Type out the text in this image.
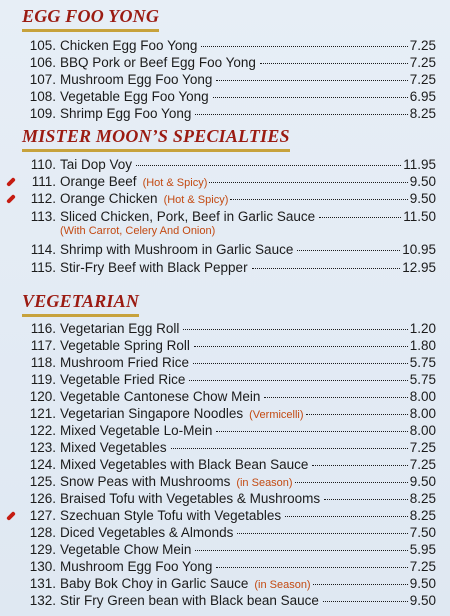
EGG FOO YONG
105. Chicken Egg Foo Yong	7.25
106. BBQ Pork or Beef Egg Foo Yong	7.25
107. Mushroom Egg Foo Yong	7.25
108. Vegetable Egg Foo Yong	6.95
109. Shrimp Egg Foo Yong	8.25
MISTER MOON’S SPECIALTIES
110. Tai Dop Voy	11.95
111. Orange Beef (Hot & Spicy)	9.50
112. Orange Chicken (Hot & Spicy)	9.50
113. Sliced Chicken, Pork, Beef in Garlic Sauce	11.50
(With Carrot, Celery And Onion)
114. Shrimp with Mushroom in Garlic Sauce	10.95
115. Stir-Fry Beef with Black Pepper	12.95
VEGETARIAN
116. Vegetarian Egg Roll	1.20
117. Vegetable Spring Roll	1.80
118. Mushroom Fried Rice	5.75
119. Vegetable Fried Rice	5.75
120. Vegetable Cantonese Chow Mein	8.00
121. Vegetarian Singapore Noodles (Vermicelli)	8.00
122. Mixed Vegetable Lo-Mein	8.00
123. Mixed Vegetables	7.25
124. Mixed Vegetables with Black Bean Sauce	7.25
125. Snow Peas with Mushrooms (in Season)	9.50
126. Braised Tofu with Vegetables & Mushrooms	8.25
127. Szechuan Style Tofu with Vegetables	8.25
128. Diced Vegetables & Almonds	7.50
129. Vegetable Chow Mein	5.95
130. Mushroom Egg Foo Yong	7.25
131. Baby Bok Choy in Garlic Sauce (in Season)	9.50
132. Stir Fry Green bean with Black bean Sauce	9.50
